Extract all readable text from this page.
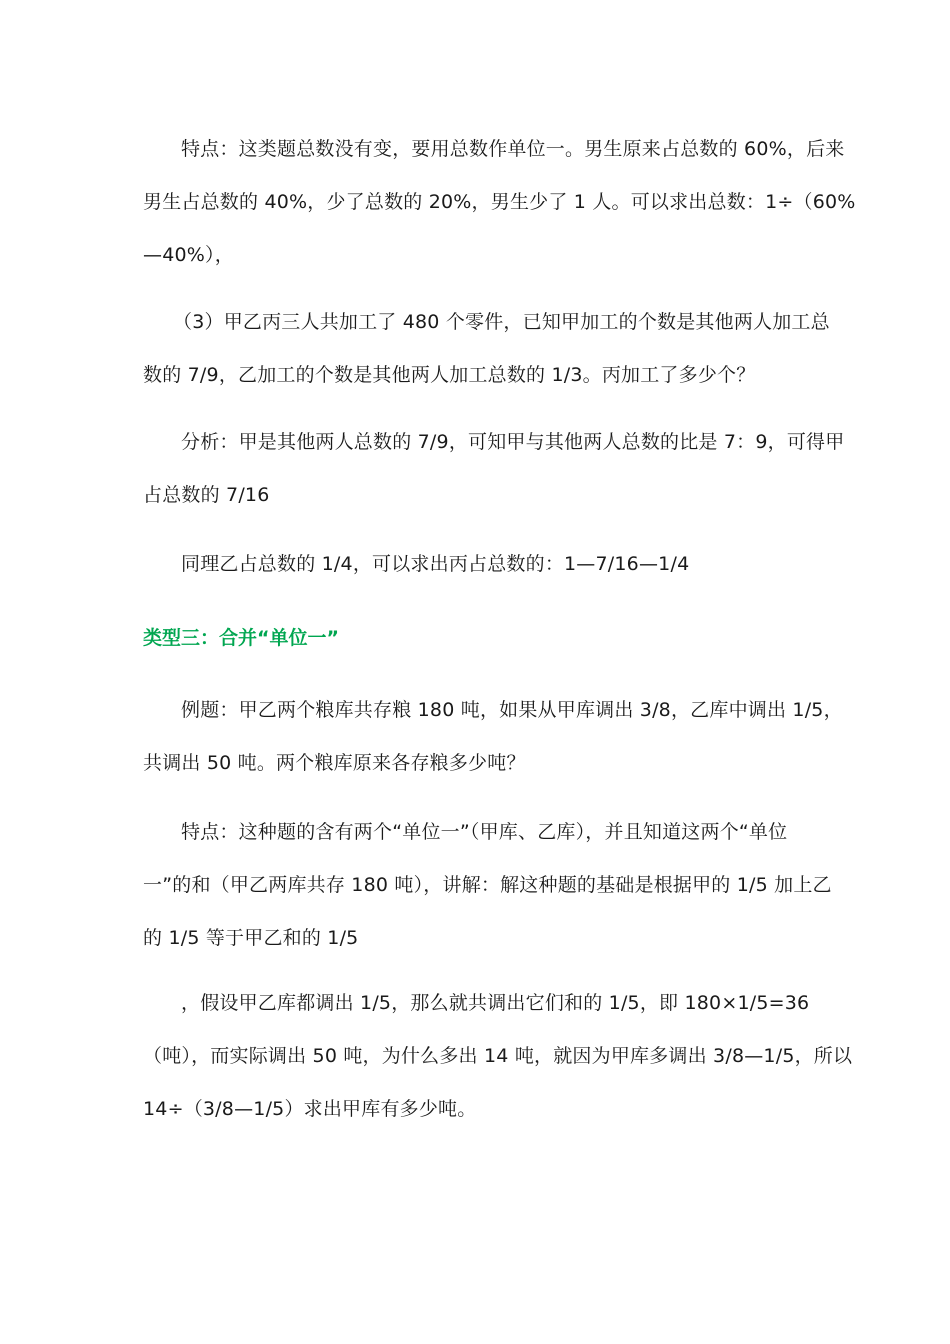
特点：这类题总数没有变，要用总数作单位一。男生原来占总数的 60%，后来
男生占总数的 40%，少了总数的 20%，男生少了 1 人。可以求出总数：1÷（60%
—40%），
（3）甲乙丙三人共加工了 480 个零件，已知甲加工的个数是其他两人加工总
数的 7/9，乙加工的个数是其他两人加工总数的 1/3。丙加工了多少个？
分析：甲是其他两人总数的 7/9，可知甲与其他两人总数的比是 7：9，可得甲
占总数的 7/16
同理乙占总数的 1/4，可以求出丙占总数的：1—7/16—1/4
类型三：合并“单位一”
例题：甲乙两个粮库共存粮 180 吨，如果从甲库调出 3/8，乙库中调出 1/5，
共调出 50 吨。两个粮库原来各存粮多少吨？
特点：这种题的含有两个“单位一”（甲库、乙库），并且知道这两个“单位
一”的和（甲乙两库共存 180 吨），讲解：解这种题的基础是根据甲的 1/5 加上乙
的 1/5 等于甲乙和的 1/5
，假设甲乙库都调出 1/5，那么就共调出它们和的 1/5，即 180×1/5=36
（吨），而实际调出 50 吨，为什么多出 14 吨，就因为甲库多调出 3/8—1/5，所以
14÷（3/8—1/5）求出甲库有多少吨。
